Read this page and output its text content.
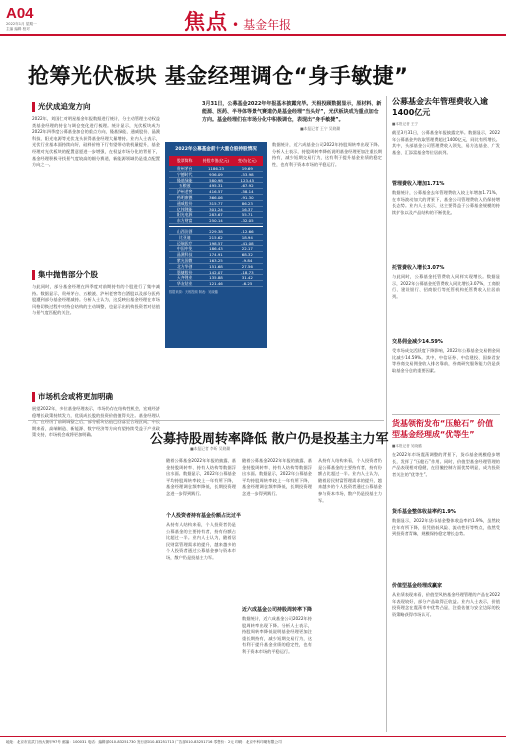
A04
2022年1月 星期一
主编 编辑 校对	焦点 • 基金年报
抢筹光伏板块 基金经理调仓“身手敏捷”
光伏成追宠方向
2022年，刘国仁对明星基金年报数据进行统计，分主动管理主动权益类基金经理的持仓与调仓变化进行梳理。统计显示，光伏板块成为2022年四季度公募基金加仓的重点方向，隆基绿能、通威股份、晶澳科技、阳光电源等光伏龙头获得基金经理大量增持。业内人士表示，光伏行业基本面持续向好，硅料价格下行有望带动装机量提升，基金经理对光伏板块的配置意愿进一步增强，在权益市场分化的背景下，基金经理积极寻找景气度较高的细分赛道，新能源领域仍是重点配置方向之一。
集中抛售部分个股
与此同时，部分基金经理在四季度对前期持有的个股进行了集中减持。数据显示，贵州茅台、五粮液、泸州老窖等白酒股以及部分医药股遭到部分基金经理减持。分析人士认为，这反映出基金经理在市场风格切换过程中对持仓结构的主动调整，也显示出机构投资者对估值与景气度匹配的关注。
市场机会或将更加明确
展望2022年，多位基金经理表示，市场仍存在结构性机会，宏观经济稳增长政策持续发力，优质成长股的投资价值值得关注。基金经理认为，在经历了前期调整之后，部分板块估值已回落至合理区间，中长期来看，高端制造、新能源、数字经济等方向有望持续受益于产业政策支持，市场机会或将更加明确。
3月31日，公募基金2022年年报基本披露完毕。天相投顾数据显示，原材料、新能源、医药、半导体等景气赛道仍是基金经理“当头好”，光伏板块成为重点加仓方向。基金经理们在市场分化中积极调仓，表现出“身手敏捷”。
■本报记者 王宁 吴晓璐
数据统计，近六成基金公司2022年持股周转率出现下降。分析人士表示，持股周转率降低说明基金经理更加注重长期持有，减少短期交易行为，这有利于提升基金业绩的稳定性，也有利于资本市场的平稳运行。
2022年公募基金前十大重仓股持股情况
股票简称	持股市值(亿元)	变动(亿元)
贵州茅台	1186.23	19.69
宁德时代	936.09	-53.98
隆基绿能	580.98	123.45
五粮液	495.31	-67.92
泸州老窖	416.57	-58.14
药明康德	366.06	-91.30
通威股份	315.77	86.23
亿纬锂能	301.24	16.37
阳光电源	283.67	55.71
东方财富	250.14	-32.05
山西汾酒	229.38	-12.66
比亚迪	215.62	18.94
迈瑞医疗	198.57	-41.08
中国中免	186.43	22.17
晶澳科技	174.91	68.32
紫光国微	163.25	-9.84
北方华创	151.68	27.56
恩捷股份	142.07	-18.73
天齐锂业	135.88	31.42
华友钴业	121.46	-6.25
数据来源：天相投顾 制表：吴晓璐
公募持股周转率降低 散户仍是投基主力军
■本报记者 李昕 吴晓璐
随着公募基金2022年年报的披露，基金持股周转率、持有人结构等数据浮出水面。数据显示，2022年公募基金平均持股周转率较上一年有所下降，基金经理调仓频率降低，长期投资理念进一步得到践行。
个人投资者持有基金份额占比过半
从持有人结构来看，个人投资者仍是公募基金的主要持有者，持有份额占比超过一半。业内人士认为，随着居民财富管理需求的提升，越来越多的个人投资者通过公募基金参与资本市场，散户仍是投基主力军。
近六成基金公司持股周转率下降
随着公募基金2022年年报的披露，基金持股周转率、持有人结构等数据浮出水面。数据显示，2022年公募基金平均持股周转率较上一年有所下降，基金经理调仓频率降低，长期投资理念进一步得到践行。
数据统计，近六成基金公司2022年持股周转率出现下降。分析人士表示，持股周转率降低说明基金经理更加注重长期持有，减少短期交易行为，这有利于提升基金业绩的稳定性，也有利于资本市场的平稳运行。
从持有人结构来看，个人投资者仍是公募基金的主要持有者，持有份额占比超过一半。业内人士认为，随着居民财富管理需求的提升，越来越多的个人投资者通过公募基金参与资本市场，散户仍是投基主力军。
公募基金去年管理费收入逾1400亿元
■本报记者 王宁
截至3月31日，公募基金年报披露完毕。数据显示，2022年公募基金共收取管理费超过1400亿元，同比有所增长。其中，头部基金公司管理费收入领先，易方达基金、广发基金、汇添富基金等位居前列。
管理费收入增加1.71%
数据统计，公募基金去年管理费收入较上年增加1.71%，在市场波动加大的背景下，基金公司管理费收入仍保持增长态势。业内人士表示，这主要得益于公募基金规模的持续扩张以及产品结构的不断优化。
托管费收入增长3.07%
与此同时，公募基金托管费收入同样实现增长。数据显示，2022年公募基金托管费收入同比增长3.07%，工商银行、建设银行、招商银行等托管机构托管费收入位居前列。
交易佣金减少14.59%
受市场成交活跃度下降影响，2022年公募基金交易佣金同比减少14.59%。其中，中信证券、中信建投、国泰君安等券商交易佣金收入排名靠前，券商研究服务能力仍是获取基金分仓的重要因素。
货基领衔发布“压舱石” 价值型基金经理成“优等生”
■本报记者 吴晓璐
在2022年市场震荡调整的背景下，货币基金规模稳步增长，发挥了“压舱石”作用。同时，价值型基金经理管理的产品表现相对稳健，在回撤控制方面优势明显，成为投资者关注的“优等生”。
货币基金整体收益率约1.9%
数据显示，2022年货币基金整体收益率约1.9%，虽然较往年有所下降，但凭借低风险、流动性好等特点，依然受到投资者青睐，规模保持稳定增长态势。
价值型基金经理成赢家
从业绩表现来看，价值型风格基金经理管理的产品在2022年表现较好，部分产品取得正收益。业内人士表示，价值投资理念在震荡市中优势凸显，注重估值与安全边际的投资策略获得市场认可。
地址：北京市宣武门西大街甲97号 邮编：100031 电话：编辑部010-83251730 发行部010-83251713 广告部010-83251716 零售价：2元 印刷：北京中科印刷有限公司
